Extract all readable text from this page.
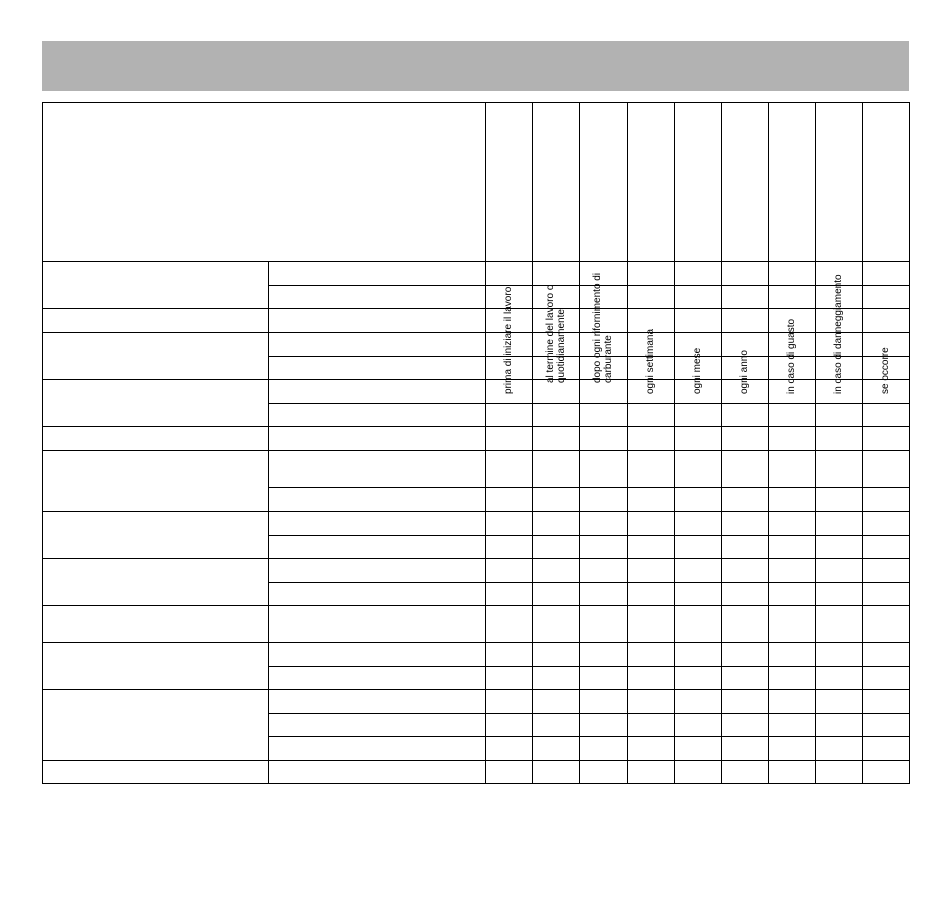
		prima di iniziare il lavoro	al termine del lavoro o
quotidianamente	dopo ogni rifornimento di
carburante	ogni settimana	ogni mese	ogni anno	in caso di guasto	in caso di danneggiamento	se occorre
